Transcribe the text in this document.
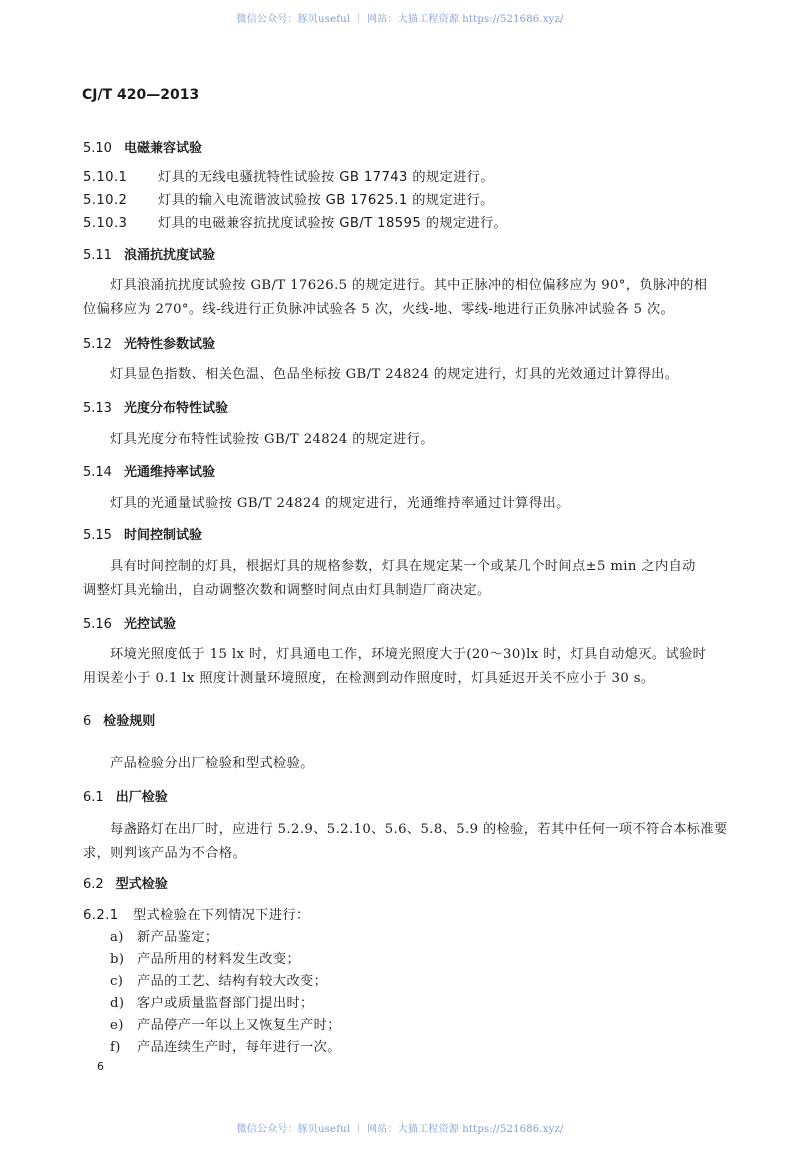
微信公众号：豚贝useful ｜ 网站：大猫工程资源 https://521686.xyz/
CJ/T 420—2013
5.10 电磁兼容试验
5.10.1 灯具的无线电骚扰特性试验按 GB 17743 的规定进行。
5.10.2 灯具的输入电流谐波试验按 GB 17625.1 的规定进行。
5.10.3 灯具的电磁兼容抗扰度试验按 GB/T 18595 的规定进行。
5.11 浪涌抗扰度试验
灯具浪涌抗扰度试验按 GB/T 17626.5 的规定进行。其中正脉冲的相位偏移应为 90°，负脉冲的相
位偏移应为 270°。线-线进行正负脉冲试验各 5 次，火线-地、零线-地进行正负脉冲试验各 5 次。
5.12 光特性参数试验
灯具显色指数、相关色温、色品坐标按 GB/T 24824 的规定进行，灯具的光效通过计算得出。
5.13 光度分布特性试验
灯具光度分布特性试验按 GB/T 24824 的规定进行。
5.14 光通维持率试验
灯具的光通量试验按 GB/T 24824 的规定进行，光通维持率通过计算得出。
5.15 时间控制试验
具有时间控制的灯具，根据灯具的规格参数，灯具在规定某一个或某几个时间点±5 min 之内自动
调整灯具光输出，自动调整次数和调整时间点由灯具制造厂商决定。
5.16 光控试验
环境光照度低于 15 lx 时，灯具通电工作，环境光照度大于(20～30)lx 时，灯具自动熄灭。试验时
用误差小于 0.1 lx 照度计测量环境照度，在检测到动作照度时，灯具延迟开关不应小于 30 s。
6 检验规则
产品检验分出厂检验和型式检验。
6.1 出厂检验
每盏路灯在出厂时，应进行 5.2.9、5.2.10、5.6、5.8、5.9 的检验，若其中任何一项不符合本标准要
求，则判该产品为不合格。
6.2 型式检验
6.2.1 型式检验在下列情况下进行：
a) 新产品鉴定；
b) 产品所用的材料发生改变；
c) 产品的工艺、结构有较大改变；
d) 客户或质量监督部门提出时；
e) 产品停产一年以上又恢复生产时；
f) 产品连续生产时，每年进行一次。
6
微信公众号：豚贝useful ｜ 网站：大猫工程资源 https://521686.xyz/
